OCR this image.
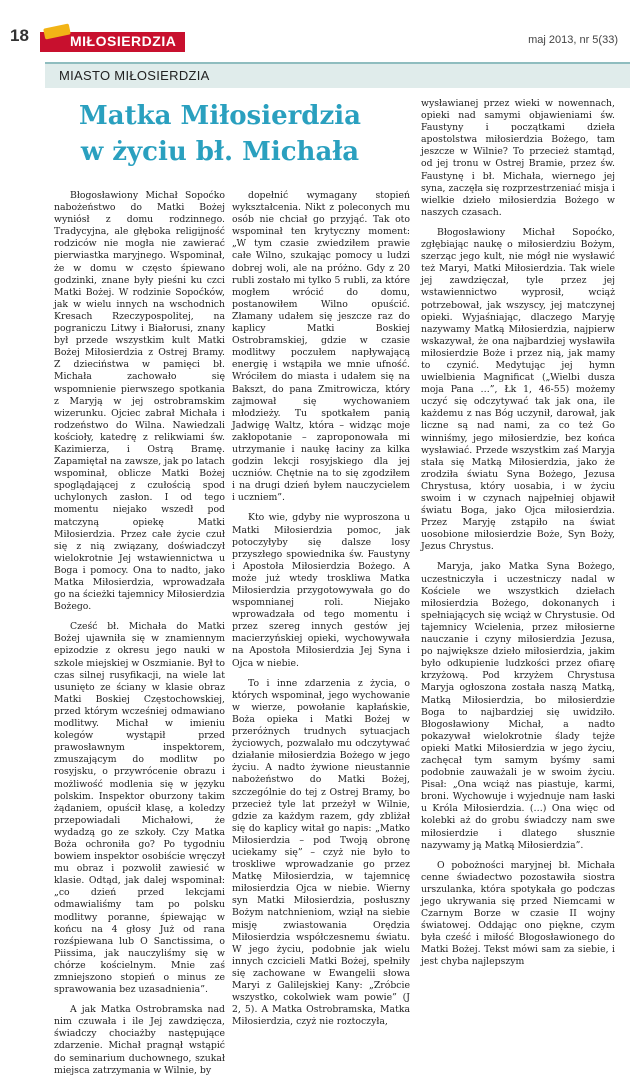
18	MIŁOSIERDZIA	maj 2013, nr 5(33)
MIASTO MIŁOSIERDZIA
Matka Miłosierdzia
w życiu bł. Michała

Błogosławiony Michał Sopoćko nabożeństwo do Matki Bożej wyniósł z domu rodzinnego. Tradycyjna, ale głęboka religijność rodziców nie mogła nie zawierać pierwiastka maryjnego. Wspominał, że w domu w często śpiewano godzinki, znane były pieśni ku czci Matki Bożej. W rodzinie Sopoćków, jak w wielu innych na wschodnich Kresach Rzeczypospolitej, na pograniczu Litwy i Białorusi, znany był przede wszystkim kult Matki Bożej Miłosierdzia z Ostrej Bramy. Z dzieciństwa w pamięci bł. Michała zachowało się wspomnienie pierwszego spotkania z Maryją w jej ostrobramskim wizerunku. Ojciec zabrał Michała i rodzeństwo do Wilna. Nawiedzali kościoły, katedrę z relikwiami św. Kazimierza, i Ostrą Bramę. Zapamiętał na zawsze, jak po latach wspominał, oblicze Matki Bożej spoglądającej z czułością spod uchylonych zasłon. I od tego momentu niejako wszedł pod matczyną opiekę Matki Miłosierdzia. Przez całe życie czuł się z nią związany, doświadczył wielokrotnie Jej wstawiennictwa u Boga i pomocy. Ona to nadto, jako Matka Miłosierdzia, wprowadzała go na ścieżki tajemnicy Miłosierdzia Bożego.

Cześć bł. Michała do Matki Bożej ujawniła się w znamiennym epizodzie z okresu jego nauki w szkole miejskiej w Oszmianie. Był to czas silnej rusyfikacji, na wiele lat usunięto ze ściany w klasie obraz Matki Boskiej Częstochowskiej, przed którym wcześniej odmawiano modlitwy. Michał w imieniu kolegów wystąpił przed prawosławnym inspektorem, zmuszającym do modlitw po rosyjsku, o przywrócenie obrazu i możliwość modlenia się w języku polskim. Inspektor oburzony takim żądaniem, opuścił klasę, a koledzy przepowiadali Michałowi, że wydadzą go ze szkoły. Czy Matka Boża ochroniła go? Po tygodniu bowiem inspektor osobiście wręczył mu obraz i pozwolił zawiesić w klasie. Odtąd, jak dalej wspominał: „co dzień przed lekcjami odmawialiśmy tam po polsku modlitwy poranne, śpiewając w końcu na 4 głosy Już od rana rozśpiewana lub O Sanctissima, o Piissima, jak nauczyliśmy się w chórze kościelnym. Mnie zaś zmniejszono stopień o minus ze sprawowania bez uzasadnienia”.

A jak Matka Ostrobramska nad nim czuwała i ile Jej zawdzięcza, świadczy chociażby następujące zdarzenie. Michał pragnął wstąpić do seminarium duchownego, szukał miejsca zatrzymania w Wilnie, by

dopełnić wymagany stopień wykształcenia. Nikt z poleconych mu osób nie chciał go przyjąć. Tak oto wspominał ten krytyczny moment: „W tym czasie zwiedziłem prawie całe Wilno, szukając pomocy u ludzi dobrej woli, ale na próżno. Gdy z 20 rubli zostało mi tylko 5 rubli, za które mogłem wrócić do domu, postanowiłem Wilno opuścić. Złamany udałem się jeszcze raz do kaplicy Matki Boskiej Ostrobramskiej, gdzie w czasie modlitwy poczułem napływającą energię i wstąpiła we mnie ufność. Wróciłem do miasta i udałem się na Bakszt, do pana Zmitrowicza, który zajmował się wychowaniem młodzieży. Tu spotkałem panią Jadwigę Waltz, która – widząc moje zakłopotanie – zaproponowała mi utrzymanie i naukę łaciny za kilka godzin lekcji rosyjskiego dla jej uczniów. Chętnie na to się zgodziłem i na drugi dzień byłem nauczycielem i uczniem”.

Kto wie, gdyby nie wyproszona u Matki Miłosierdzia pomoc, jak potoczyłyby się dalsze losy przyszłego spowiednika św. Faustyny i Apostoła Miłosierdzia Bożego. A może już wtedy troskliwa Matka Miłosierdzia przygotowywała go do wspomnianej roli. Niejako wprowadzała od tego momentu i przez szereg innych gestów jej macierzyńskiej opieki, wychowywała na Apostoła Miłosierdzia Jej Syna i Ojca w niebie.

To i inne zdarzenia z życia, o których wspominał, jego wychowanie w wierze, powołanie kapłańskie, Boża opieka i Matki Bożej w przeróżnych trudnych sytuacjach życiowych, pozwalało mu odczytywać działanie miłosierdzia Bożego w jego życiu. A nadto żywione nieustannie nabożeństwo do Matki Bożej, szczególnie do tej z Ostrej Bramy, bo przecież tyle lat przeżył w Wilnie, gdzie za każdym razem, gdy zbliżał się do kaplicy witał go napis: „Matko Miłosierdzia – pod Twoją obronę uciekamy się” – czyż nie było to troskliwe wprowadzanie go przez Matkę Miłosierdzia, w tajemnicę miłosierdzia Ojca w niebie. Wierny syn Matki Miłosierdzia, posłuszny Bożym natchnieniom, wziął na siebie misję zwiastowania Orędzia Miłosierdzia współczesnemu światu. W jego życiu, podobnie jak wielu innych czcicieli Matki Bożej, spełniły się zachowane w Ewangelii słowa Maryi z Galilejskiej Kany: „Zróbcie wszystko, cokolwiek wam powie” (J 2, 5). A Matka Ostrobramska, Matka Miłosierdzia, czyż nie roztoczyła,

wysławianej przez wieki w nowennach, opieki nad samymi objawieniami św. Faustyny i początkami dzieła apostolstwa miłosierdzia Bożego, tam jeszcze w Wilnie? To przecież stamtąd, od jej tronu w Ostrej Bramie, przez św. Faustynę i bł. Michała, wiernego jej syna, zaczęła się rozprzestrzeniać misja i wielkie dzieło miłosierdzia Bożego w naszych czasach.

Błogosławiony Michał Sopoćko, zgłębiając naukę o miłosierdziu Bożym, szerząc jego kult, nie mógł nie wysławić też Maryi, Matki Miłosierdzia. Tak wiele jej zawdzięczał, tyle przez jej wstawiennictwo wyprosił, wciąż potrzebował, jak wszyscy, jej matczynej opieki. Wyjaśniając, dlaczego Maryję nazywamy Matką Miłosierdzia, najpierw wskazywał, że ona najbardziej wysławiła miłosierdzie Boże i przez nią, jak mamy to czynić. Medytując jej hymn uwielbienia Magnificat („Wielbi dusza moja Pana …”, Łk 1, 46-55) możemy uczyć się odczytywać tak jak ona, ile każdemu z nas Bóg uczynił, darował, jak liczne są nad nami, za co też Go winniśmy, jego miłosierdzie, bez końca wysławiać. Przede wszystkim zaś Maryja stała się Matką Miłosierdzia, jako że zrodziła światu Syna Bożego, Jezusa Chrystusa, który uosabia, i w życiu swoim i w czynach najpełniej objawił światu Boga, jako Ojca miłosierdzia. Przez Maryję zstąpiło na świat uosobione miłosierdzie Boże, Syn Boży, Jezus Chrystus.

Maryja, jako Matka Syna Bożego, uczestniczyła i uczestniczy nadal w Kościele we wszystkich dziełach miłosierdzia Bożego, dokonanych i spełniających się wciąż w Chrystusie. Od tajemnicy Wcielenia, przez miłosierne nauczanie i czyny miłosierdzia Jezusa, po największe dzieło miłosierdzia, jakim było odkupienie ludzkości przez ofiarę krzyżową. Pod krzyżem Chrystusa Maryja ogłoszona została naszą Matką, Matką Miłosierdzia, bo miłosierdzie Boga to najbardziej się uwidziło. Błogosławiony Michał, a nadto pokazywał wielokrotnie ślady tejże opieki Matki Miłosierdzia w jego życiu, zachęcał tym samym byśmy sami podobnie zauważali je w swoim życiu. Pisał: „Ona wciąż nas piastuje, karmi, broni. Wychowuje i wyjednuje nam łaski u Króla Miłosierdzia. (…) Ona więc od kolebki aż do grobu świadczy nam swe miłosierdzie i dlatego słusznie nazywamy ją Matką Miłosierdzia”.

O pobożności maryjnej bł. Michała cenne świadectwo pozostawiła siostra urszulanka, która spotykała go podczas jego ukrywania się przed Niemcami w Czarnym Borze w czasie II wojny światowej. Oddając ono piękne, czym była cześć i miłość Błogosławionego do Matki Bożej. Tekst mówi sam za siebie, i jest chyba najlepszym
